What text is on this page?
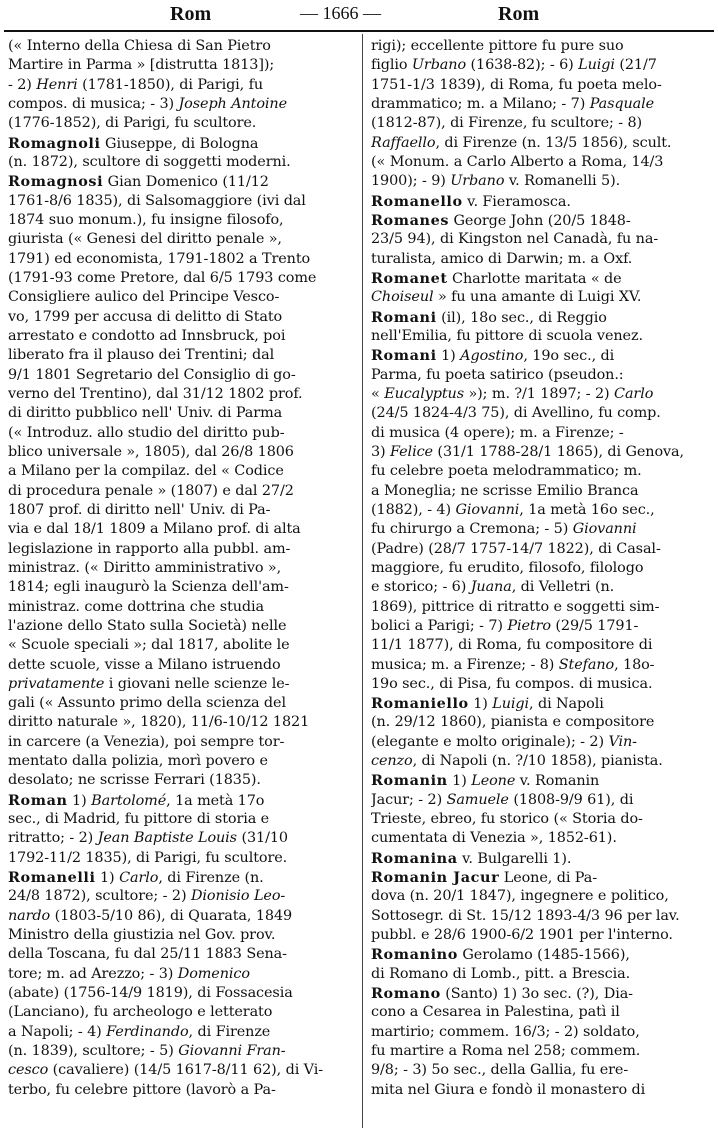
Rom	— 1666 —	Rom
(« Interno della Chiesa di San Pietro
Martire in Parma » [distrutta 1813]);
- 2) Henri (1781-1850), di Parigi, fu
compos. di musica; - 3) Joseph Antoine
(1776-1852), di Parigi, fu scultore.
Romagnoli Giuseppe, di Bologna
(n. 1872), scultore di soggetti moderni.
Romagnosi Gian Domenico (11/12
1761-8/6 1835), di Salsomaggiore (ivi dal
1874 suo monum.), fu insigne filosofo,
giurista (« Genesi del diritto penale »,
1791) ed economista, 1791-1802 a Trento
(1791-93 come Pretore, dal 6/5 1793 come
Consigliere aulico del Principe Vesco-
vo, 1799 per accusa di delitto di Stato
arrestato e condotto ad Innsbruck, poi
liberato fra il plauso dei Trentini; dal
9/1 1801 Segretario del Consiglio di go-
verno del Trentino), dal 31/12 1802 prof.
di diritto pubblico nell' Univ. di Parma
(« Introduz. allo studio del diritto pub-
blico universale », 1805), dal 26/8 1806
a Milano per la compilaz. del « Codice
di procedura penale » (1807) e dal 27/2
1807 prof. di diritto nell' Univ. di Pa-
via e dal 18/1 1809 a Milano prof. di alta
legislazione in rapporto alla pubbl. am-
ministraz. (« Diritto amministrativo »,
1814; egli inaugurò la Scienza dell'am-
ministraz. come dottrina che studia
l'azione dello Stato sulla Società) nelle
« Scuole speciali »; dal 1817, abolite le
dette scuole, visse a Milano istruendo
privatamente i giovani nelle scienze le-
gali (« Assunto primo della scienza del
diritto naturale », 1820), 11/6-10/12 1821
in carcere (a Venezia), poi sempre tor-
mentato dalla polizia, morì povero e
desolato; ne scrisse Ferrari (1835).
Roman 1) Bartolomé, 1a metà 17o
sec., di Madrid, fu pittore di storia e
ritratto; - 2) Jean Baptiste Louis (31/10
1792-11/2 1835), di Parigi, fu scultore.
Romanelli 1) Carlo, di Firenze (n.
24/8 1872), scultore; - 2) Dionisio Leo-
nardo (1803-5/10 86), di Quarata, 1849
Ministro della giustizia nel Gov. prov.
della Toscana, fu dal 25/11 1883 Sena-
tore; m. ad Arezzo; - 3) Domenico
(abate) (1756-14/9 1819), di Fossacesia
(Lanciano), fu archeologo e letterato
a Napoli; - 4) Ferdinando, di Firenze
(n. 1839), scultore; - 5) Giovanni Fran-
cesco (cavaliere) (14/5 1617-8/11 62), di Vi-
terbo, fu celebre pittore (lavorò a Pa-
rigi); eccellente pittore fu pure suo
figlio Urbano (1638-82); - 6) Luigi (21/7
1751-1/3 1839), di Roma, fu poeta melo-
drammatico; m. a Milano; - 7) Pasquale
(1812-87), di Firenze, fu scultore; - 8)
Raffaello, di Firenze (n. 13/5 1856), scult.
(« Monum. a Carlo Alberto a Roma, 14/3
1900); - 9) Urbano v. Romanelli 5).
Romanello v. Fieramosca.
Romanes George John (20/5 1848-
23/5 94), di Kingston nel Canadà, fu na-
turalista, amico di Darwin; m. a Oxf.
Romanet Charlotte maritata « de
Choiseul » fu una amante di Luigi XV.
Romani (il), 18o sec., di Reggio
nell'Emilia, fu pittore di scuola venez.
Romani 1) Agostino, 19o sec., di
Parma, fu poeta satirico (pseudon.:
« Eucalyptus »); m. ?/1 1897; - 2) Carlo
(24/5 1824-4/3 75), di Avellino, fu comp.
di musica (4 opere); m. a Firenze; -
3) Felice (31/1 1788-28/1 1865), di Genova,
fu celebre poeta melodrammatico; m.
a Moneglia; ne scrisse Emilio Branca
(1882), - 4) Giovanni, 1a metà 16o sec.,
fu chirurgo a Cremona; - 5) Giovanni
(Padre) (28/7 1757-14/7 1822), di Casal-
maggiore, fu erudito, filosofo, filologo
e storico; - 6) Juana, di Velletri (n.
1869), pittrice di ritratto e soggetti sim-
bolici a Parigi; - 7) Pietro (29/5 1791-
11/1 1877), di Roma, fu compositore di
musica; m. a Firenze; - 8) Stefano, 18o-
19o sec., di Pisa, fu compos. di musica.
Romaniello 1) Luigi, di Napoli
(n. 29/12 1860), pianista e compositore
(elegante e molto originale); - 2) Vin-
cenzo, di Napoli (n. ?/10 1858), pianista.
Romanin 1) Leone v. Romanin
Jacur; - 2) Samuele (1808-9/9 61), di
Trieste, ebreo, fu storico (« Storia do-
cumentata di Venezia », 1852-61).
Romanina v. Bulgarelli 1).
Romanin Jacur Leone, di Pa-
dova (n. 20/1 1847), ingegnere e politico,
Sottosegr. di St. 15/12 1893-4/3 96 per lav.
pubbl. e 28/6 1900-6/2 1901 per l'interno.
Romanino Gerolamo (1485-1566),
di Romano di Lomb., pitt. a Brescia.
Romano (Santo) 1) 3o sec. (?), Dia-
cono a Cesarea in Palestina, patì il
martirio; commem. 16/3; - 2) soldato,
fu martire a Roma nel 258; commem.
9/8; - 3) 5o sec., della Gallia, fu ere-
mita nel Giura e fondò il monastero di
